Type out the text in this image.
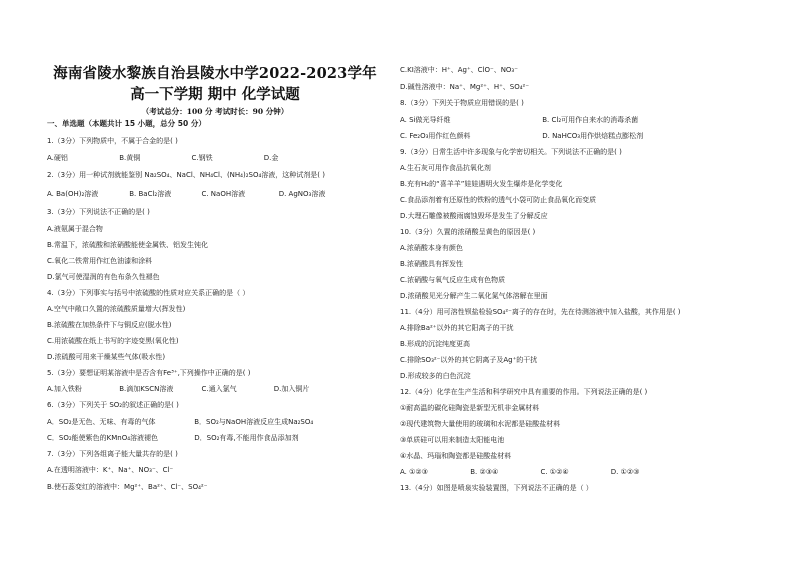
海南省陵水黎族自治县陵水中学2022-2023学年
高一下学期 期中 化学试题
（考试总分：100 分 考试时长：90 分钟）
一、单选题（本题共计 15 小题，总分 50 分）
1.（3分）下列物质中，不属于合金的是( )
A.硬铝	B.黄铜	C.钢铁	D.金
2.（3分）用一种试剂就能鉴别 Na₂SO₄、NaCl、NH₄Cl、(NH₄)₂SO₄溶液，这种试剂是( )
A. Ba(OH)₂溶液	B. BaCl₂溶液	C. NaOH溶液	D. AgNO₃溶液
3.（3分）下列说法不正确的是( )
A.液氨属于混合物
B.常温下，浓硫酸和浓硝酸能使金属铁、铝发生钝化
C.氧化二铁常用作红色油漆和涂料
D.氯气可使湿润的有色布条久性褪色
4.（3分）下列事实与括号中浓硫酸的性质对应关系正确的是（ ）
A.空气中敞口久置的浓硫酸质量增大(挥发性)
B.浓硫酸在加热条件下与铜反应(脱水性)
C.用浓硫酸在纸上书写的字迹变黑(氧化性)
D.浓硫酸可用来干燥某些气体(吸水性)
5.（3分）要想证明某溶液中是否含有Fe³⁺,下列操作中正确的是( )
A.加入铁粉	B.滴加KSCN溶液	C.通入氯气	D.加入铜片
6.（3分）下列关于 SO₂的叙述正确的是( )
A．SO₂是无色、无味、有毒的气体	B．SO₂与NaOH溶液反应生成Na₂SO₄
C．SO₂能使紫色的KMnO₄溶液褪色	D．SO₂有毒,不能用作食品添加剂
7.（3分）下列各组离子能大量共存的是( )
A.在透明溶液中：K⁺、Na⁺、NO₃⁻、Cl⁻
B.使石蕊变红的溶液中：Mg²⁺、Ba²⁺、Cl⁻、SO₄²⁻
C.KI溶液中：H⁺、Ag⁺、ClO⁻、NO₃⁻
D.碱性溶液中：Na⁺、Mg²⁺、H⁺、SO₄²⁻
8.（3分）下列关于物质应用错误的是( )
A. Si做光导纤维	B. Cl₂可用作自来水的消毒杀菌
C. Fe₂O₃用作红色颜料	D. NaHCO₃用作烘焙糕点膨松剂
9.（3分）日常生活中许多现象与化学密切相关。下列说法不正确的是( )
A.生石灰可用作食品抗氧化剂
B.充有H₂的“喜羊羊”娃娃遇明火发生爆炸是化学变化
C.食品添剂着有还原性的铁粉的透气小袋可防止食品氧化而变质
D.大理石雕像被酸雨腐蚀毁坏是发生了分解反应
10.（3分）久置的浓硝酸呈黄色的原因是( )
A.浓硝酸本身有颜色
B.浓硝酸具有挥发性
C.浓硝酸与氧气反应生成有色物质
D.浓硝酸见光分解产生二氧化氮气体溶解在里面
11.（4分）用可溶性钡盐检验SO₄²⁻离子的存在时，先在待测溶液中加入盐酸，其作用是( )
A.排除Ba²⁺以外的其它阳离子的干扰
B.形成的沉淀纯度更高
C.排除SO₃²⁻以外的其它阴离子及Ag⁺的干扰
D.形成较多的白色沉淀
12.（4分）化学在生产生活和科学研究中具有重要的作用。下列说法正确的是( )
①耐高温的碳化硅陶瓷是新型无机非金属材料
②现代建筑物大量使用的玻璃和水泥都是硅酸盐材料
③单质硅可以用来制造太阳能电池
④水晶、玛瑙和陶瓷都是硅酸盐材料
A. ①②③	B. ②③④	C. ①②④	D. ①②③
13.（4分）如图是喷泉实验装置图，下列说法不正确的是（ ）
